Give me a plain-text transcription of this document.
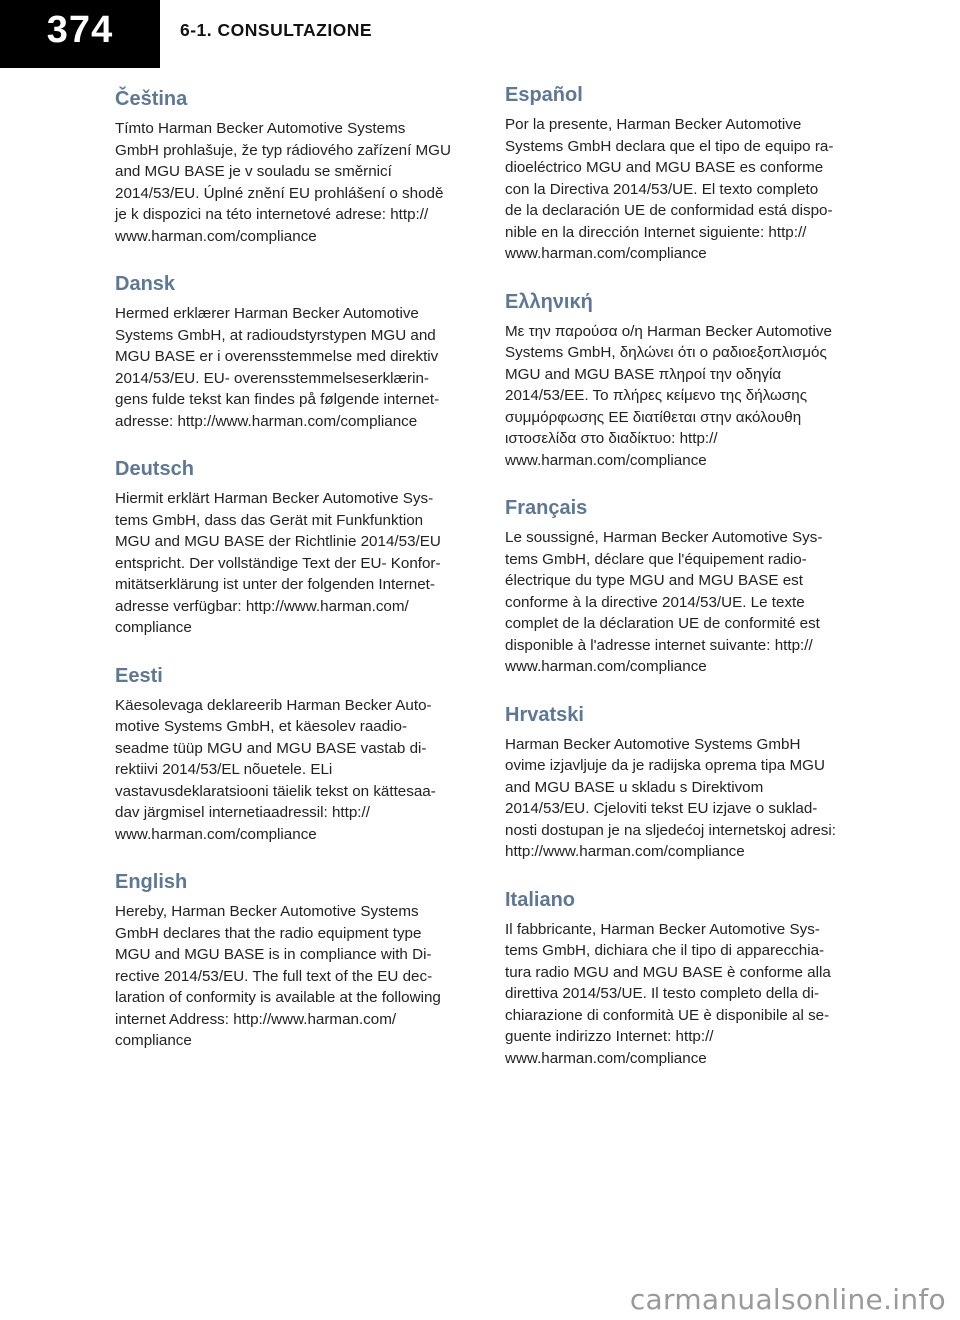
374	6-1. CONSULTAZIONE
Čeština

Tímto Harman Becker Automotive Systems
GmbH prohlašuje, že typ rádiového zařízení MGU
and MGU BASE je v souladu se směrnicí
2014/53/EU. Úplné znění EU prohlášení o shodě
je k dispozici na této internetové adrese: http://
www.harman.com/compliance

Dansk

Hermed erklærer Harman Becker Automotive
Systems GmbH, at radioudstyrstypen MGU and
MGU BASE er i overensstemmelse med direktiv
2014/53/EU. EU- overensstemmelseserklærin-
gens fulde tekst kan findes på følgende internet-
adresse: http://www.harman.com/compliance

Deutsch

Hiermit erklärt Harman Becker Automotive Sys-
tems GmbH, dass das Gerät mit Funkfunktion
MGU and MGU BASE der Richtlinie 2014/53/EU
entspricht. Der vollständige Text der EU- Konfor-
mitätserklärung ist unter der folgenden Internet-
adresse verfügbar: http://www.harman.com/
compliance

Eesti

Käesolevaga deklareerib Harman Becker Auto-
motive Systems GmbH, et käesolev raadio-
seadme tüüp MGU and MGU BASE vastab di-
rektiivi 2014/53/EL nõuetele. ELi
vastavusdeklaratsiooni täielik tekst on kättesaa-
dav järgmisel internetiaadressil: http://
www.harman.com/compliance

English

Hereby, Harman Becker Automotive Systems
GmbH declares that the radio equipment type
MGU and MGU BASE is in compliance with Di-
rective 2014/53/EU. The full text of the EU dec-
laration of conformity is available at the following
internet Address: http://www.harman.com/
compliance

Español

Por la presente, Harman Becker Automotive
Systems GmbH declara que el tipo de equipo ra-
dioeléctrico MGU and MGU BASE es conforme
con la Directiva 2014/53/UE. El texto completo
de la declaración UE de conformidad está dispo-
nible en la dirección Internet siguiente: http://
www.harman.com/compliance

Ελληνική

Με την παρούσα ο/η Harman Becker Automotive
Systems GmbH, δηλώνει ότι ο ραδιοεξοπλισμός
MGU and MGU BASE πληροί την οδηγία
2014/53/ΕΕ. Το πλήρες κείμενο της δήλωσης
συμμόρφωσης ΕΕ διατίθεται στην ακόλουθη
ιστοσελίδα στο διαδίκτυο: http://
www.harman.com/compliance

Français

Le soussigné, Harman Becker Automotive Sys-
tems GmbH, déclare que l'équipement radio-
électrique du type MGU and MGU BASE est
conforme à la directive 2014/53/UE. Le texte
complet de la déclaration UE de conformité est
disponible à l'adresse internet suivante: http://
www.harman.com/compliance

Hrvatski

Harman Becker Automotive Systems GmbH
ovime izjavljuje da je radijska oprema tipa MGU
and MGU BASE u skladu s Direktivom
2014/53/EU. Cjeloviti tekst EU izjave o suklad-
nosti dostupan je na sljedećoj internetskoj adresi:
http://www.harman.com/compliance

Italiano

Il fabbricante, Harman Becker Automotive Sys-
tems GmbH, dichiara che il tipo di apparecchia-
tura radio MGU and MGU BASE è conforme alla
direttiva 2014/53/UE. Il testo completo della di-
chiarazione di conformità UE è disponibile al se-
guente indirizzo Internet: http://
www.harman.com/compliance

carmanualsonline.info
